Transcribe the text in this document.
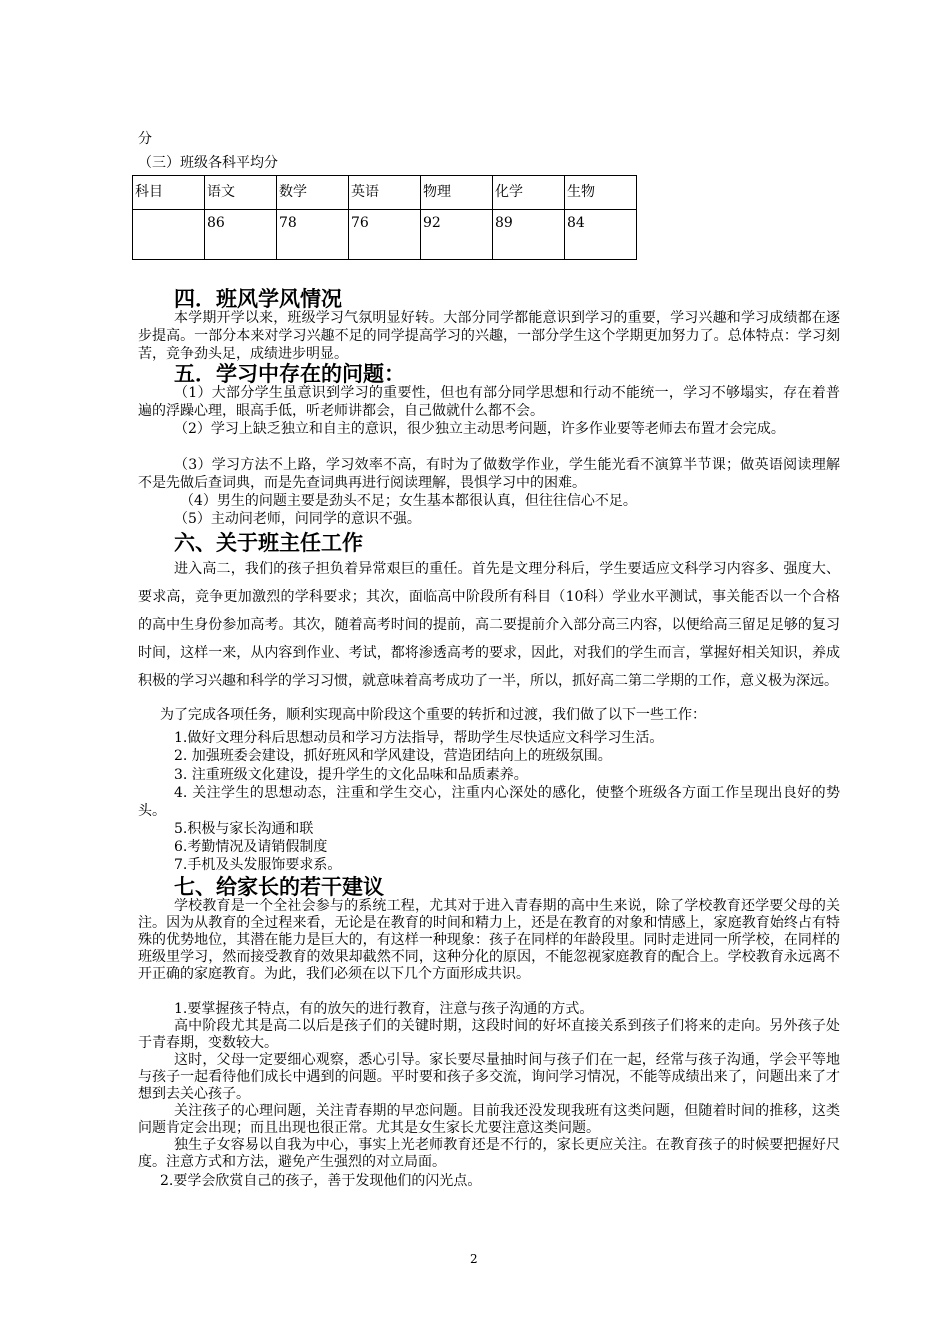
分
（三）班级各科平均分
科目	语文	数学	英语	物理	化学	生物
	86	78	76	92	89	84
四．班风学风情况
本学期开学以来，班级学习气氛明显好转。大部分同学都能意识到学习的重要，学习兴趣和学习成绩都在逐步提高。一部分本来对学习兴趣不足的同学提高学习的兴趣，一部分学生这个学期更加努力了。总体特点：学习刻苦，竞争劲头足，成绩进步明显。
五．学习中存在的问题：
（1）大部分学生虽意识到学习的重要性，但也有部分同学思想和行动不能统一，学习不够塌实，存在着普遍的浮躁心理，眼高手低，听老师讲都会，自己做就什么都不会。
（2）学习上缺乏独立和自主的意识，很少独立主动思考问题，许多作业要等老师去布置才会完成。
（3）学习方法不上路，学习效率不高，有时为了做数学作业，学生能光看不演算半节课；做英语阅读理解不是先做后查词典，而是先查词典再进行阅读理解，畏惧学习中的困难。
（4）男生的问题主要是劲头不足；女生基本都很认真，但往往信心不足。
（5）主动问老师，问同学的意识不强。
六、关于班主任工作
进入高二，我们的孩子担负着异常艰巨的重任。首先是文理分科后，学生要适应文科学习内容多、强度大、要求高，竞争更加激烈的学科要求；其次，面临高中阶段所有科目（10科）学业水平测试，事关能否以一个合格的高中生身份参加高考。其次，随着高考时间的提前，高二要提前介入部分高三内容，以便给高三留足足够的复习时间，这样一来，从内容到作业、考试，都将渗透高考的要求，因此，对我们的学生而言，掌握好相关知识，养成积极的学习兴趣和科学的学习习惯，就意味着高考成功了一半，所以，抓好高二第二学期的工作，意义极为深远。
为了完成各项任务，顺利实现高中阶段这个重要的转折和过渡，我们做了以下一些工作：
1.做好文理分科后思想动员和学习方法指导，帮助学生尽快适应文科学习生活。
2. 加强班委会建设，抓好班风和学风建设，营造团结向上的班级氛围。
3. 注重班级文化建设，提升学生的文化品味和品质素养。
4. 关注学生的思想动态，注重和学生交心，注重内心深处的感化，使整个班级各方面工作呈现出良好的势头。
5.积极与家长沟通和联
6.考勤情况及请销假制度
7.手机及头发服饰要求系。
七、给家长的若干建议
学校教育是一个全社会参与的系统工程，尤其对于进入青春期的高中生来说，除了学校教育还学要父母的关注。因为从教育的全过程来看，无论是在教育的时间和精力上，还是在教育的对象和情感上，家庭教育始终占有特殊的优势地位，其潜在能力是巨大的，有这样一种现象：孩子在同样的年龄段里。同时走进同一所学校，在同样的班级里学习，然而接受教育的效果却截然不同，这种分化的原因，不能忽视家庭教育的配合上。学校教育永远离不开正确的家庭教育。为此，我们必须在以下几个方面形成共识。
1.要掌握孩子特点，有的放矢的进行教育，注意与孩子沟通的方式。
高中阶段尤其是高二以后是孩子们的关键时期，这段时间的好坏直接关系到孩子们将来的走向。另外孩子处于青春期，变数较大。
这时，父母一定要细心观察，悉心引导。家长要尽量抽时间与孩子们在一起，经常与孩子沟通，学会平等地与孩子一起看待他们成长中遇到的问题。平时要和孩子多交流，询问学习情况，不能等成绩出来了，问题出来了才想到去关心孩子。
关注孩子的心理问题，关注青春期的早恋问题。目前我还没发现我班有这类问题，但随着时间的推移，这类问题肯定会出现；而且出现也很正常。尤其是女生家长尤要注意这类问题。
独生子女容易以自我为中心，事实上光老师教育还是不行的，家长更应关注。在教育孩子的时候要把握好尺度。注意方式和方法，避免产生强烈的对立局面。
2.要学会欣赏自己的孩子，善于发现他们的闪光点。
2
